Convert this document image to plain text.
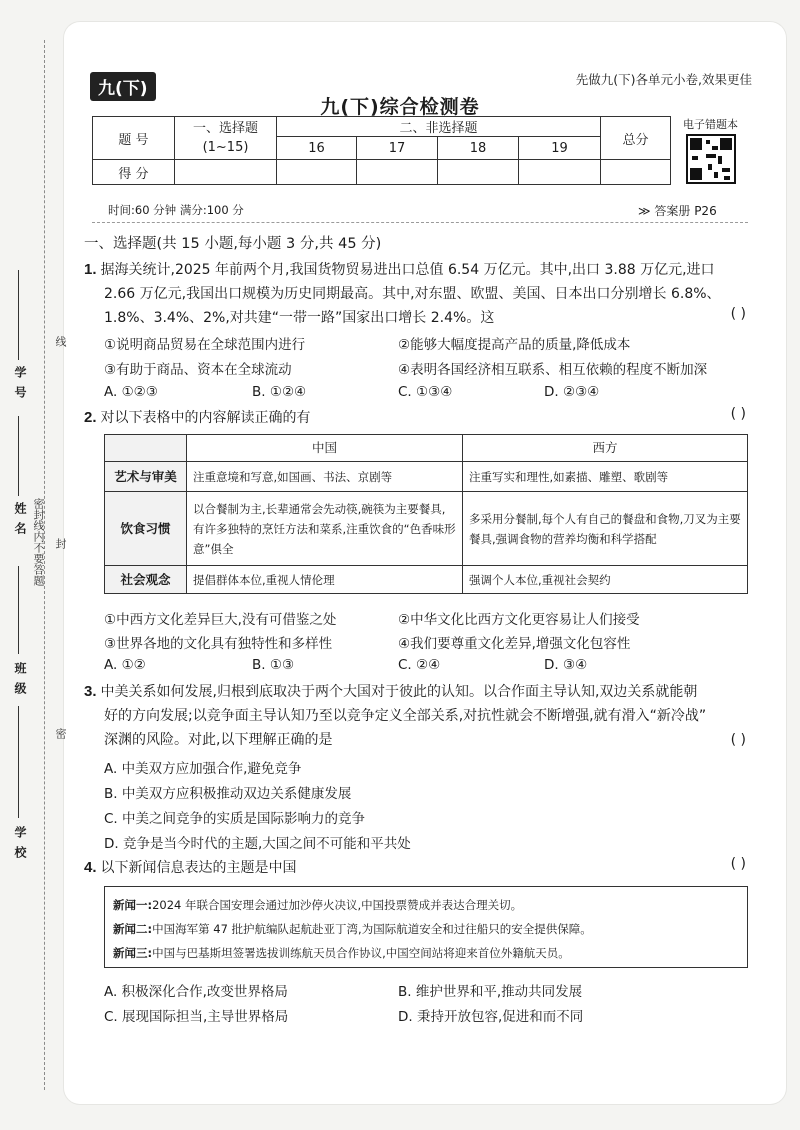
学 校
班 级
姓 名
学 号
密封线内不要答题
密
封
线
九(下)	先做九(下)各单元小卷,效果更佳
九(下)综合检测卷
题 号	一、选择题	二、非选择题				总分
	(1~15)	16	17	18	19	
得 分						
电子错题本
时间:60 分钟 满分:100 分	≫ 答案册 P26
一、选择题(共 15 小题,每小题 3 分,共 45 分)
1. 据海关统计,2025 年前两个月,我国货物贸易进出口总值 6.54 万亿元。其中,出口 3.88 万亿元,进口
2.66 万亿元,我国出口规模为历史同期最高。其中,对东盟、欧盟、美国、日本出口分别增长 6.8%、
1.8%、3.4%、2%,对共建“一带一路”国家出口增长 2.4%。这	( )
①说明商品贸易在全球范围内进行	②能够大幅度提高产品的质量,降低成本
③有助于商品、资本在全球流动	④表明各国经济相互联系、相互依赖的程度不断加深
A. ①②③	B. ①②④	C. ①③④	D. ②③④
2. 对以下表格中的内容解读正确的有	( )
	中国	西方
艺术与审美	注重意境和写意,如国画、书法、京剧等	注重写实和理性,如素描、雕塑、歌剧等
饮食习惯	以合餐制为主,长辈通常会先动筷,碗筷为主要餐具,有许多独特的烹饪方法和菜系,注重饮食的“色香味形意”俱全	多采用分餐制,每个人有自己的餐盘和食物,刀叉为主要餐具,强调食物的营养均衡和科学搭配
社会观念	提倡群体本位,重视人情伦理	强调个人本位,重视社会契约
①中西方文化差异巨大,没有可借鉴之处	②中华文化比西方文化更容易让人们接受
③世界各地的文化具有独特性和多样性	④我们要尊重文化差异,增强文化包容性
A. ①②	B. ①③	C. ②④	D. ③④
3. 中美关系如何发展,归根到底取决于两个大国对于彼此的认知。以合作面主导认知,双边关系就能朝
好的方向发展;以竞争面主导认知乃至以竞争定义全部关系,对抗性就会不断增强,就有滑入“新冷战”
深渊的风险。对此,以下理解正确的是	( )
A. 中美双方应加强合作,避免竞争
B. 中美双方应积极推动双边关系健康发展
C. 中美之间竞争的实质是国际影响力的竞争
D. 竞争是当今时代的主题,大国之间不可能和平共处
4. 以下新闻信息表达的主题是中国	( )
新闻一:2024 年联合国安理会通过加沙停火决议,中国投票赞成并表达合理关切。
新闻二:中国海军第 47 批护航编队起航赴亚丁湾,为国际航道安全和过往船只的安全提供保障。
新闻三:中国与巴基斯坦签署选拔训练航天员合作协议,中国空间站将迎来首位外籍航天员。
A. 积极深化合作,改变世界格局	B. 维护世界和平,推动共同发展
C. 展现国际担当,主导世界格局	D. 秉持开放包容,促进和而不同
